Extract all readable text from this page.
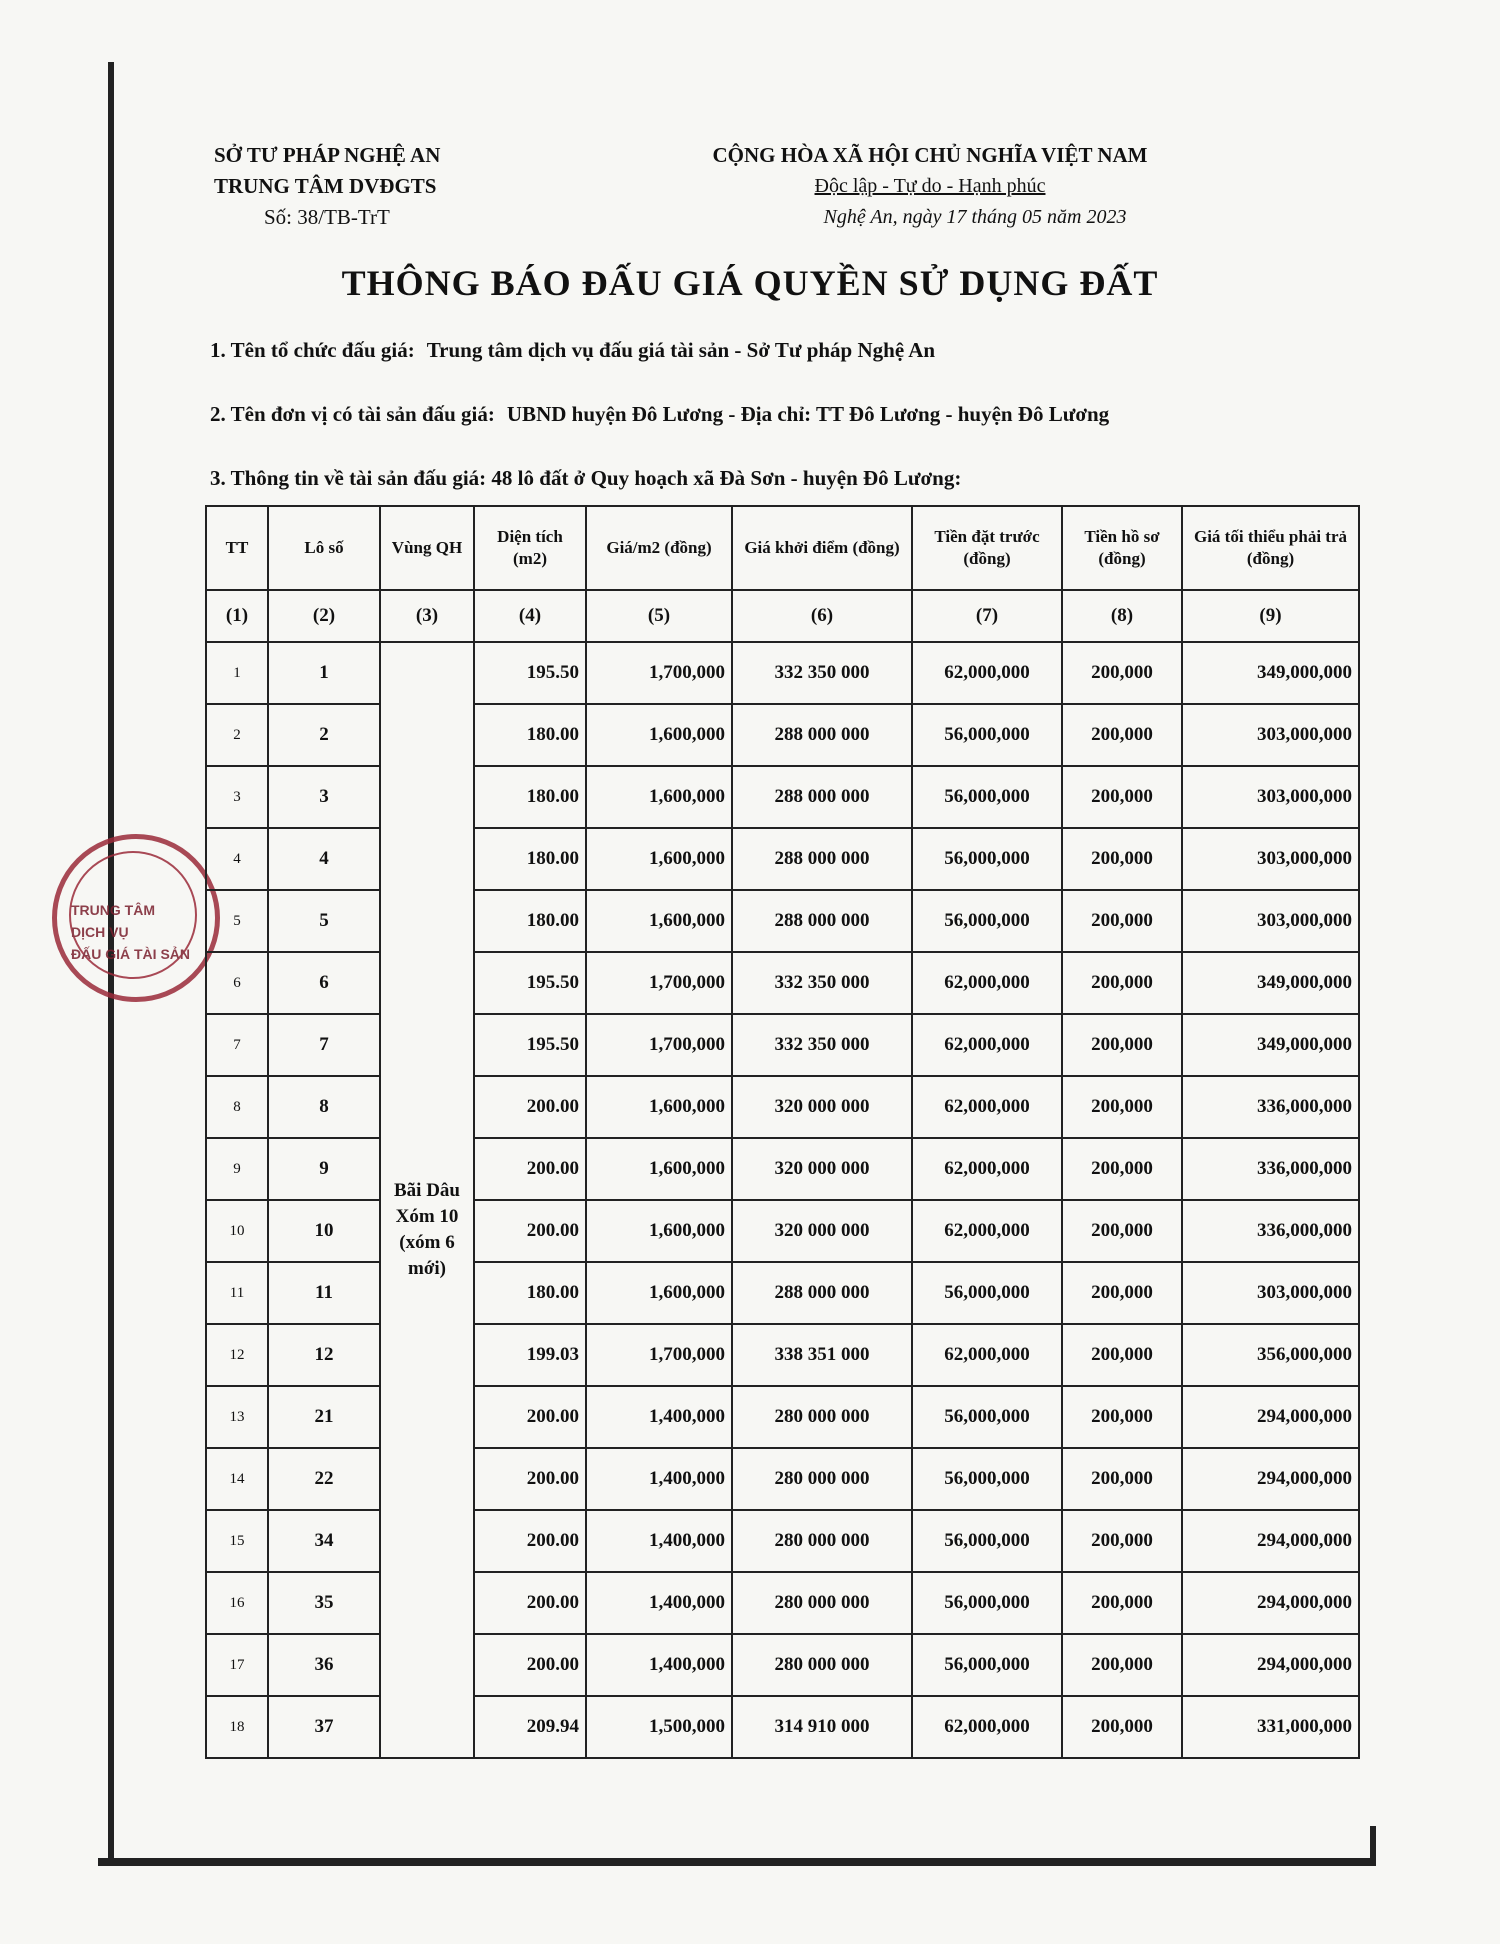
SỞ TƯ PHÁP NGHỆ AN
TRUNG TÂM DVĐGTS
Số: 38/TB-TrT
CỘNG HÒA XÃ HỘI CHỦ NGHĨA VIỆT NAM
Độc lập - Tự do - Hạnh phúc
Nghệ An, ngày 17 tháng 05 năm 2023
THÔNG BÁO ĐẤU GIÁ QUYỀN SỬ DỤNG ĐẤT
1. Tên tổ chức đấu giá: Trung tâm dịch vụ đấu giá tài sản - Sở Tư pháp Nghệ An
2. Tên đơn vị có tài sản đấu giá: UBND huyện Đô Lương - Địa chỉ: TT Đô Lương - huyện Đô Lương
3. Thông tin về tài sản đấu giá: 48 lô đất ở Quy hoạch xã Đà Sơn - huyện Đô Lương:
TRUNG TÂM
DỊCH VỤ
ĐẤU GIÁ TÀI SẢN
TT	Lô số	Vùng QH	Diện tích (m2)	Giá/m2 (đồng)	Giá khởi điểm (đồng)	Tiền đặt trước (đồng)	Tiền hồ sơ (đồng)	Giá tối thiểu phải trả (đồng)
(1)	(2)	(3)	(4)	(5)	(6)	(7)	(8)	(9)
1	1	Bãi Dâu Xóm 10 (xóm 6 mới)	195.50	1,700,000	332 350 000	62,000,000	200,000	349,000,000
2	2		180.00	1,600,000	288 000 000	56,000,000	200,000	303,000,000
3	3		180.00	1,600,000	288 000 000	56,000,000	200,000	303,000,000
4	4		180.00	1,600,000	288 000 000	56,000,000	200,000	303,000,000
5	5		180.00	1,600,000	288 000 000	56,000,000	200,000	303,000,000
6	6		195.50	1,700,000	332 350 000	62,000,000	200,000	349,000,000
7	7		195.50	1,700,000	332 350 000	62,000,000	200,000	349,000,000
8	8		200.00	1,600,000	320 000 000	62,000,000	200,000	336,000,000
9	9		200.00	1,600,000	320 000 000	62,000,000	200,000	336,000,000
10	10		200.00	1,600,000	320 000 000	62,000,000	200,000	336,000,000
11	11		180.00	1,600,000	288 000 000	56,000,000	200,000	303,000,000
12	12		199.03	1,700,000	338 351 000	62,000,000	200,000	356,000,000
13	21		200.00	1,400,000	280 000 000	56,000,000	200,000	294,000,000
14	22		200.00	1,400,000	280 000 000	56,000,000	200,000	294,000,000
15	34		200.00	1,400,000	280 000 000	56,000,000	200,000	294,000,000
16	35		200.00	1,400,000	280 000 000	56,000,000	200,000	294,000,000
17	36		200.00	1,400,000	280 000 000	56,000,000	200,000	294,000,000
18	37		209.94	1,500,000	314 910 000	62,000,000	200,000	331,000,000
